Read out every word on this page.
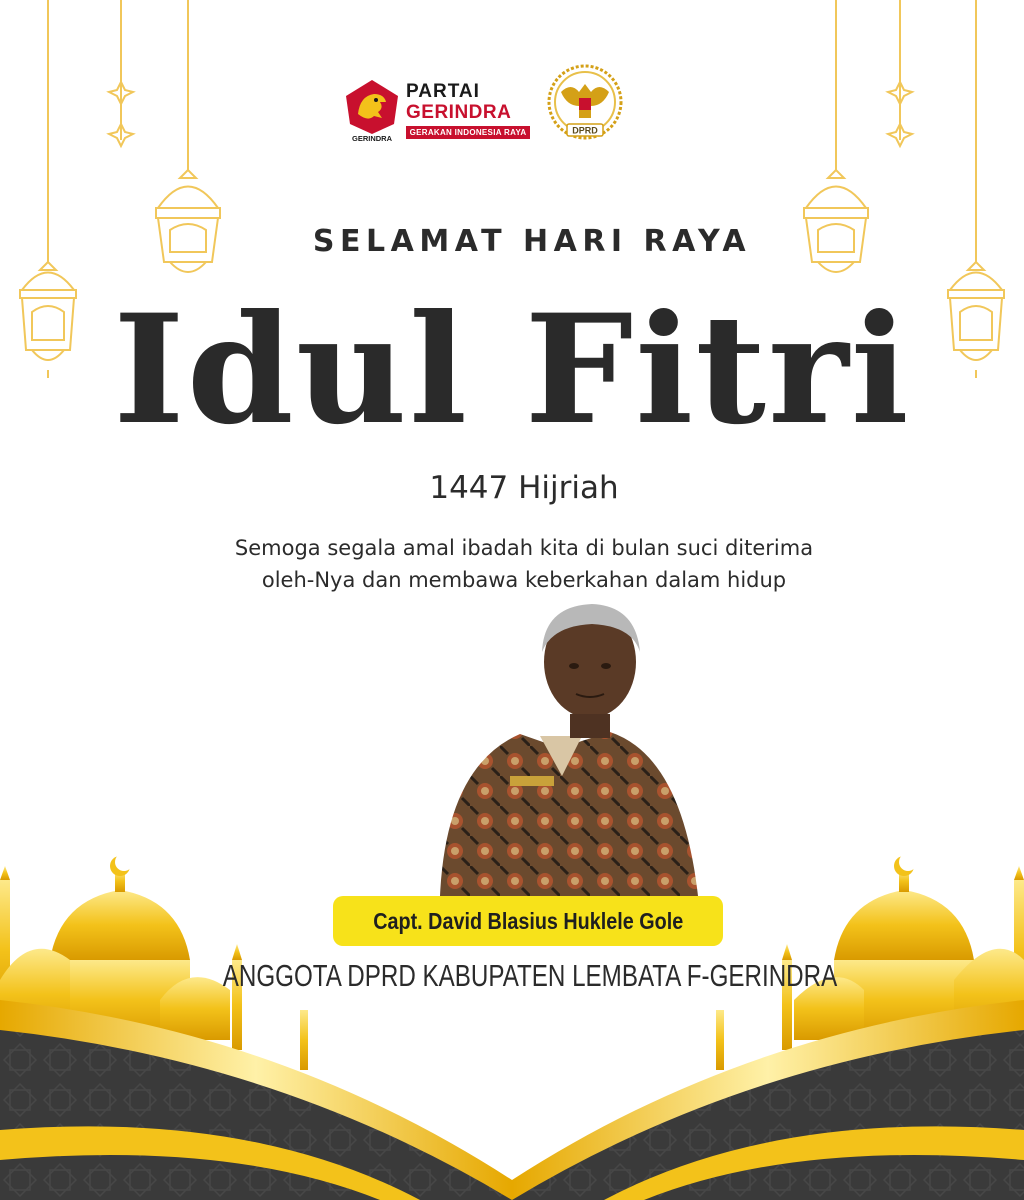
GERINDRA
PARTAI
GERINDRA
GERAKAN INDONESIA RAYA	DPRD
SELAMAT HARI RAYA
Idul Fitri
1447 Hijriah
Semoga segala amal ibadah kita di bulan suci diterima
oleh-Nya dan membawa keberkahan dalam hidup
Capt. David Blasius Huklele Gole
ANGGOTA DPRD KABUPATEN LEMBATA F-GERINDRA
